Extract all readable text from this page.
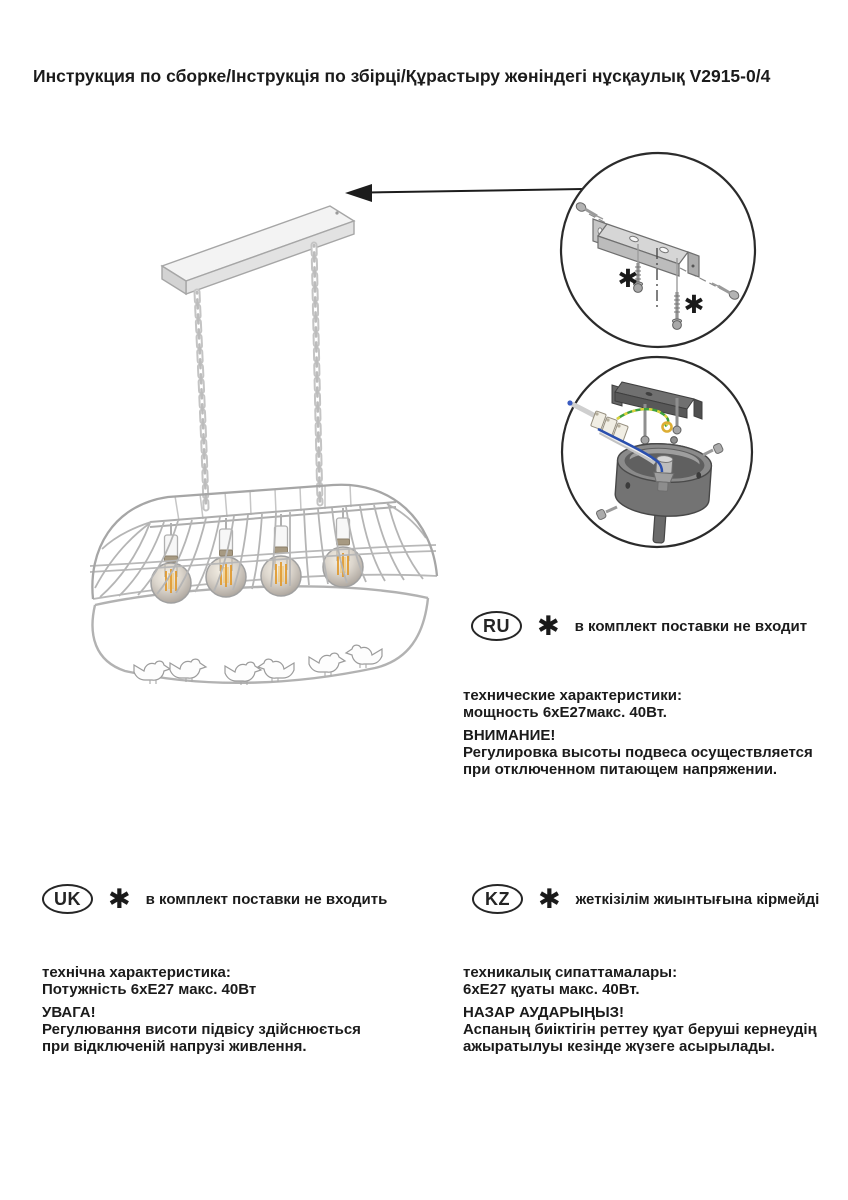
Инструкция по сборке/Інструкція по збірці/Құрастыру жөніндегі нұсқаулық V2915-0/4
✱
✱
RU ✱ в комплект поставки не входит
технические характеристики:
мощность 6хЕ27макс. 40Вт.
ВНИМАНИЕ!
Регулировка высоты подвеса осуществляется
при отключенном питающем напряжении.
UK ✱ в комплект поставки не входить
технічна характеристика:
Потужність 6хЕ27 макс. 40Вт
УВАГА!
Регулювання висоти підвісу здійснюється
при відключеній напрузі живлення.
KZ ✱ жеткізілім жиынтығына кірмейді
техникалық сипаттамалары:
6хЕ27 қуаты макс. 40Вт.
НАЗАР АУДАРЫҢЫЗ!
Аспаның биіктігін реттеу қуат беруші кернеудің
ажыратылуы кезінде жүзеге асырылады.
